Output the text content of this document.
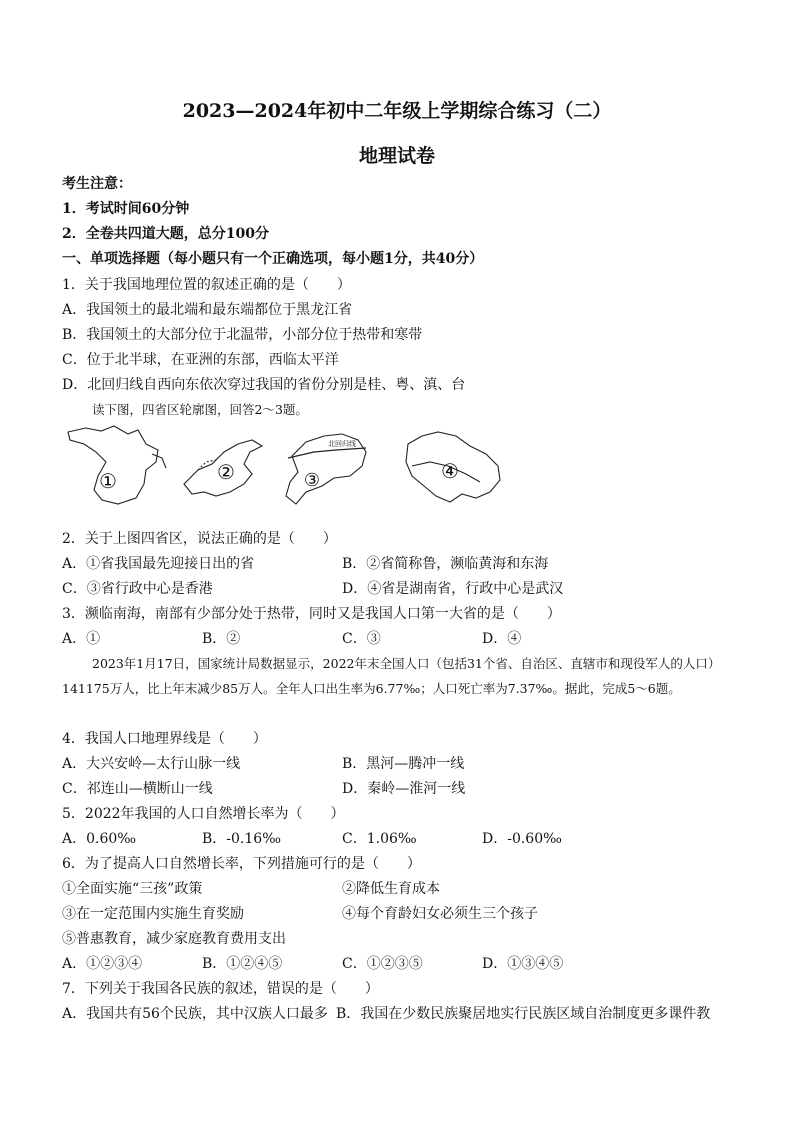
2023—2024年初中二年级上学期综合练习（二）
地理试卷
考生注意：
1．考试时间60分钟
2．全卷共四道大题，总分100分
一、单项选择题（每小题只有一个正确选项，每小题1分，共40分）
1．关于我国地理位置的叙述正确的是（　　）
A．我国领土的最北端和最东端都位于黑龙江省
B．我国领土的大部分位于北温带，小部分位于热带和寒带
C．位于北半球，在亚洲的东部，西临太平洋
D．北回归线自西向东依次穿过我国的省份分别是桂、粤、滇、台
读下图，四省区轮廓图，回答2～3题。
①	②	③	④
北回归线
2．关于上图四省区，说法正确的是（　　）
A．①省我国最先迎接日出的省	B．②省简称鲁，濒临黄海和东海
C．③省行政中心是香港	D．④省是湖南省，行政中心是武汉
3．濒临南海，南部有少部分处于热带，同时又是我国人口第一大省的是（　　）
A．①	B．②	C．③	D．④
2023年1月17日，国家统计局数据显示，2022年末全国人口（包括31个省、自治区、直辖市和现役军人的人口）141175万人，比上年末减少85万人。全年人口出生率为6.77‰；人口死亡率为7.37‰。据此，完成5～6题。
4．我国人口地理界线是（　　）
A．大兴安岭—太行山脉一线	B．黑河—腾冲一线
C．祁连山—横断山一线	D．秦岭—淮河一线
5．2022年我国的人口自然增长率为（　　）
A．0.60‰	B．-0.16‰	C．1.06‰	D．-0.60‰
6．为了提高人口自然增长率，下列措施可行的是（　　）
①全面实施“三孩”政策	②降低生育成本
③在一定范围内实施生育奖励	④每个育龄妇女必须生三个孩子
⑤普惠教育，减少家庭教育费用支出
A．①②③④	B．①②④⑤	C．①②③⑤	D．①③④⑤
7．下列关于我国各民族的叙述，错误的是（　　）
A．我国共有56个民族，其中汉族人口最多 B．我国在少数民族聚居地实行民族区域自治制度更多课件教
